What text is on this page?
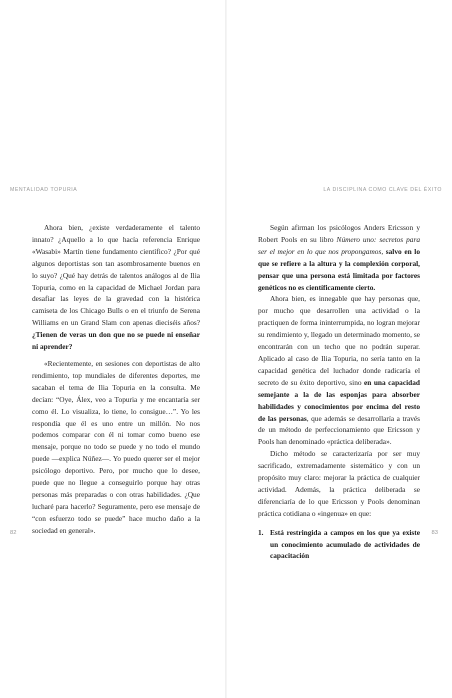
MENTALIDAD TOPURIA

Ahora bien, ¿existe verdaderamente el talento innato? ¿Aquello a lo que hacía referencia Enrique «Wasabi» Martín tiene fundamento científico? ¿Por qué algunos deportistas son tan asombrosamente buenos en lo suyo? ¿Qué hay detrás de talentos análogos al de Ilia Topuria, como en la capacidad de Michael Jordan para desafiar las leyes de la gravedad con la histórica camiseta de los Chicago Bulls o en el triunfo de Serena Williams en un Grand Slam con apenas dieciséis años? ¿Tienen de veras un don que no se puede ni enseñar ni aprender?

«Recientemente, en sesiones con deportistas de alto rendimiento, top mundiales de diferentes deportes, me sacaban el tema de Ilia Topuria en la consulta. Me decían: “Oye, Álex, veo a Topuria y me encantaría ser como él. Lo visualiza, lo tiene, lo consigue…”. Yo les respondía que él es uno entre un millón. No nos podemos comparar con él ni tomar como bueno ese mensaje, porque no todo se puede y no todo el mundo puede —explica Núñez—. Yo puedo querer ser el mejor psicólogo deportivo. Pero, por mucho que lo desee, puede que no llegue a conseguirlo porque hay otras personas más preparadas o con otras habilidades. ¿Que lucharé para hacerlo? Seguramente, pero ese mensaje de “con esfuerzo todo se puede” hace mucho daño a la sociedad en general».

82
LA DISCIPLINA COMO CLAVE DEL ÉXITO

Según afirman los psicólogos Anders Ericsson y Robert Pools en su libro Número uno: secretos para ser el mejor en lo que nos propongamos, salvo en lo que se refiere a la altura y la complexión corporal, pensar que una persona está limitada por factores genéticos no es científicamente cierto.

Ahora bien, es innegable que hay personas que, por mucho que desarrollen una actividad o la practiquen de forma ininterrumpida, no logran mejorar su rendimiento y, llegado un determinado momento, se encontrarán con un techo que no podrán superar. Aplicado al caso de Ilia Topuria, no sería tanto en la capacidad genética del luchador donde radicaría el secreto de su éxito deportivo, sino en una capacidad semejante a la de las esponjas para absorber habilidades y conocimientos por encima del resto de las personas, que además se desarrollaría a través de un método de perfeccionamiento que Ericsson y Pools han denominado «práctica deliberada».

Dicho método se caracterizaría por ser muy sacrificado, extremadamente sistemático y con un propósito muy claro: mejorar la práctica de cualquier actividad. Además, la práctica deliberada se diferenciaría de lo que Ericsson y Pools denominan práctica cotidiana o «ingenua» en que:

1. Está restringida a campos en los que ya existe un conocimiento acumulado de actividades de capacitación
83
